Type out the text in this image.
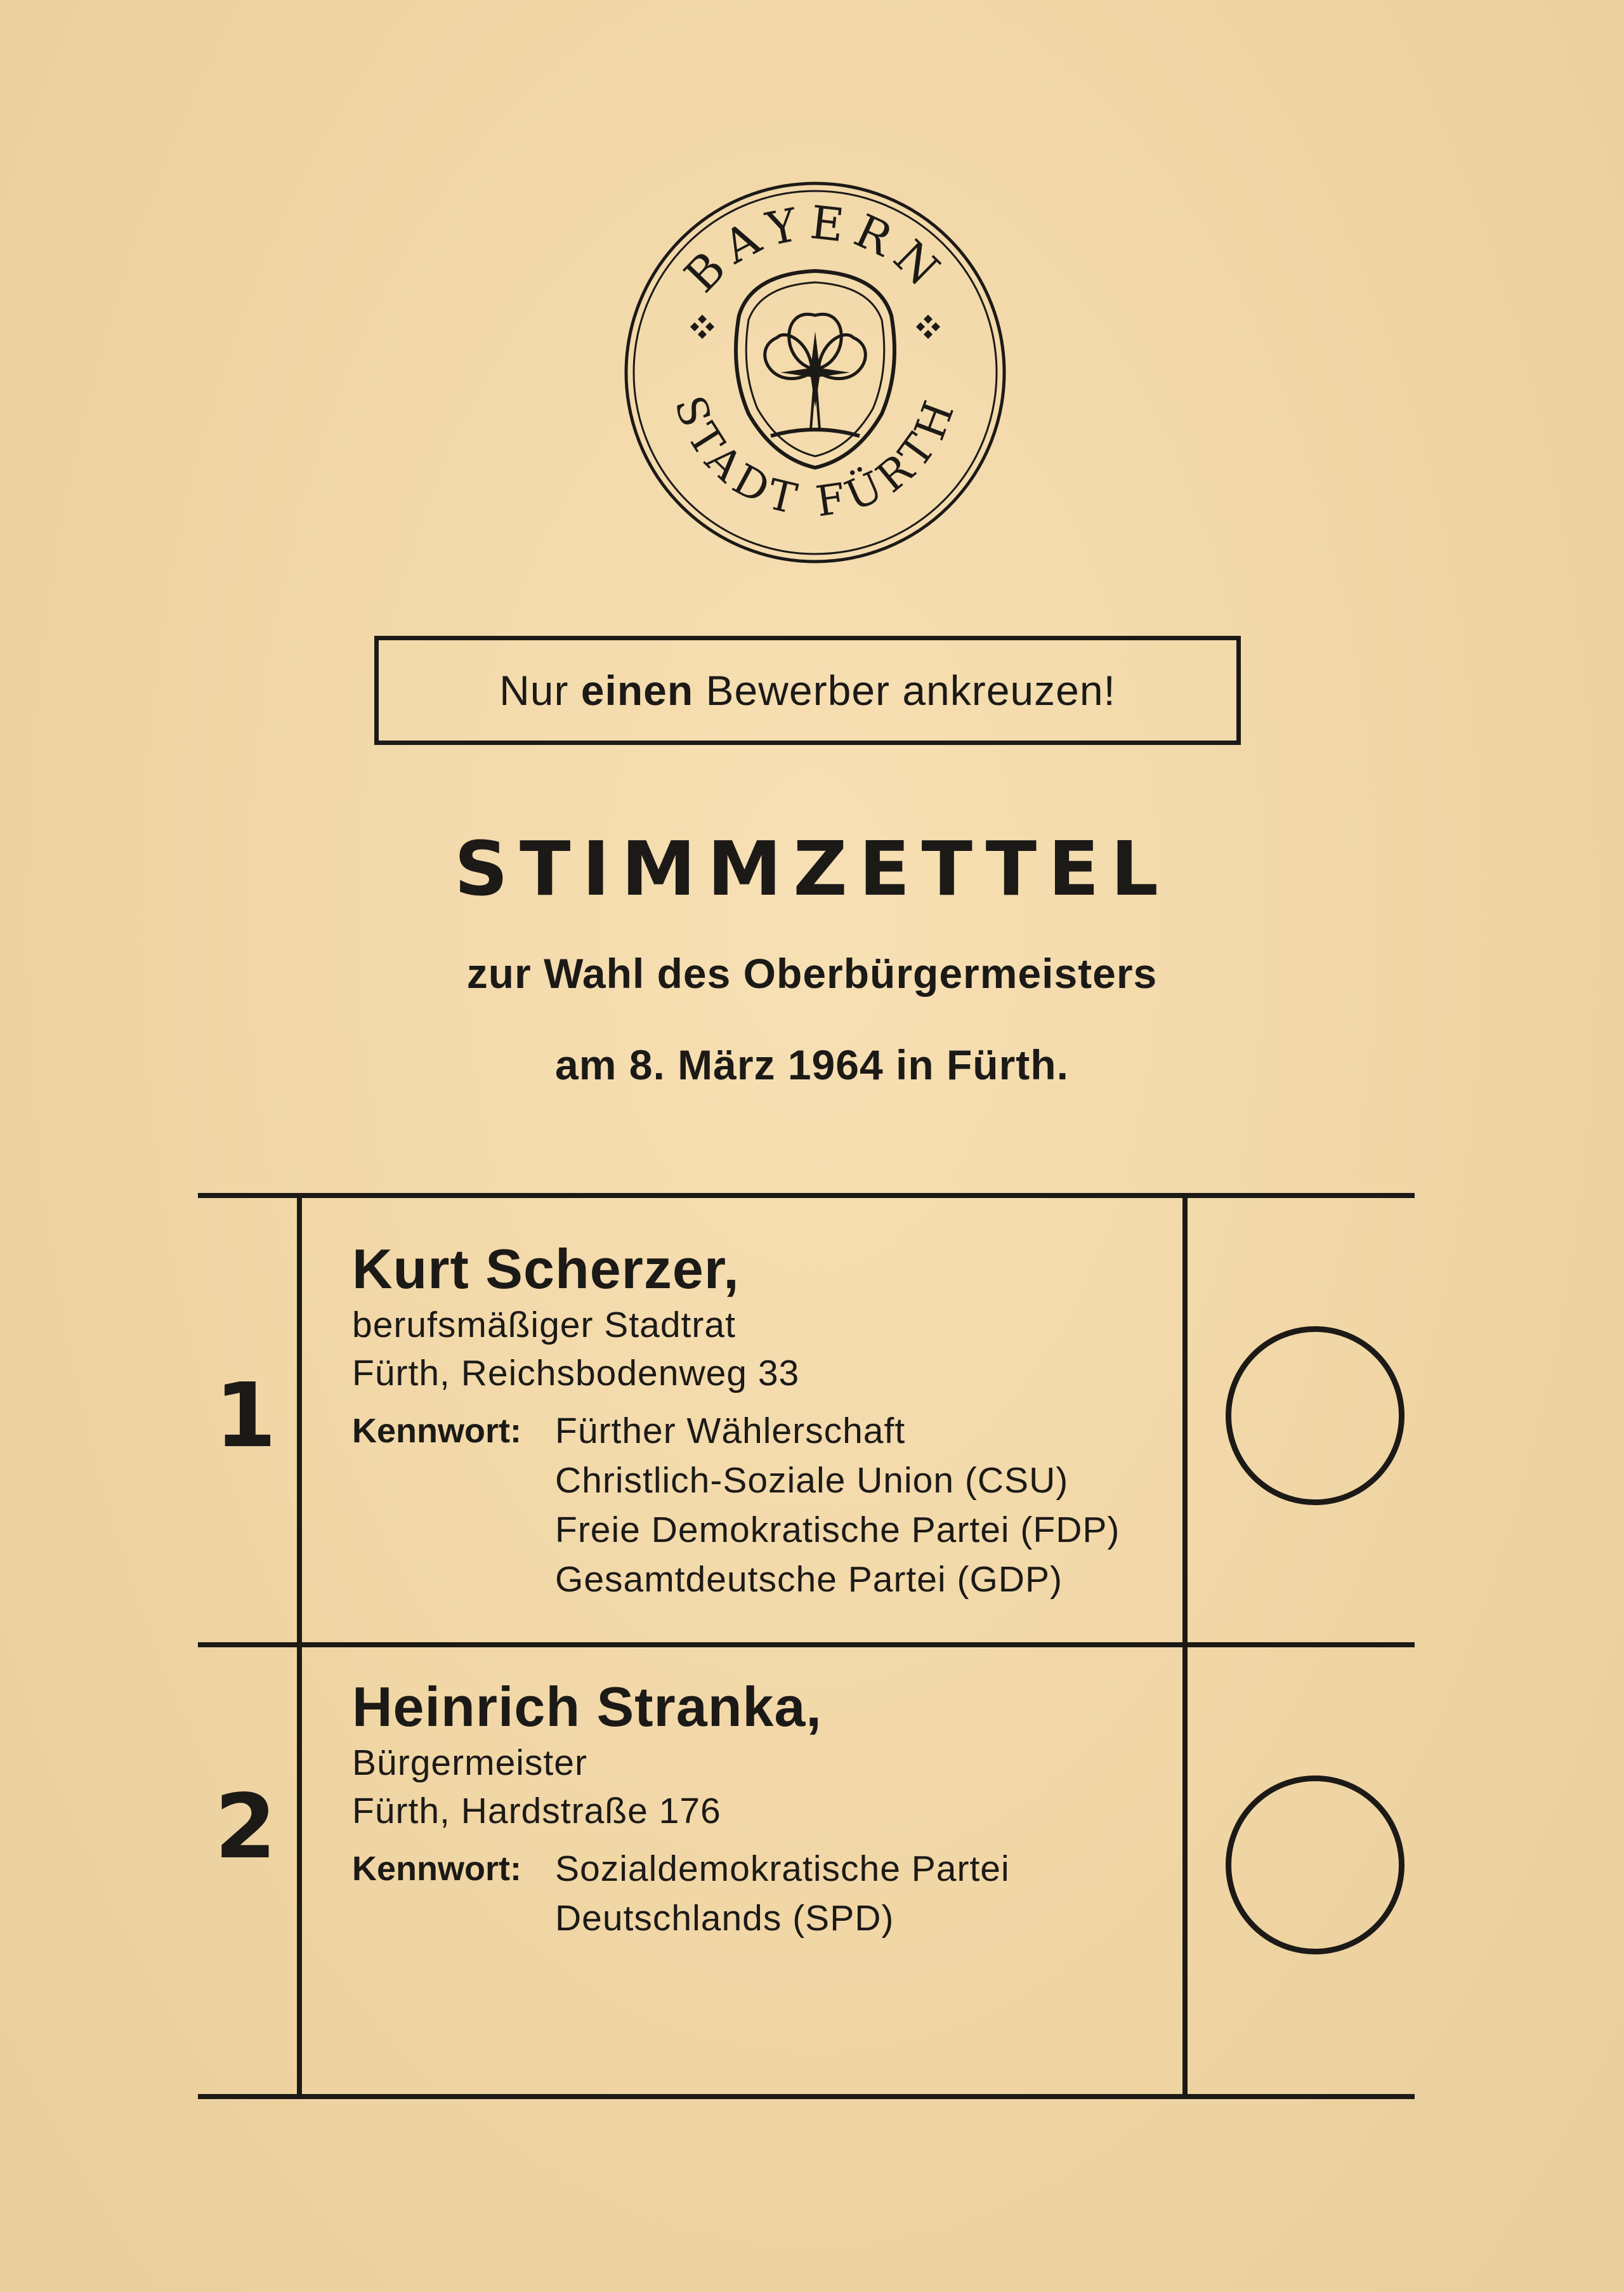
BAYERN
STADT FÜRTH
Nur
einen
Bewerber ankreuzen!
STIMMZETTEL
zur Wahl des Oberbürgermeisters
am 8. März 1964 in Fürth.
1
Kurt Scherzer,
berufsmäßiger Stadtrat
Fürth, Reichsbodenweg 33
Kennwort: Fürther Wählerschaft
Christlich-Soziale Union (CSU)
Freie Demokratische Partei (FDP)
Gesamtdeutsche Partei (GDP)
2
Heinrich Stranka,
Bürgermeister
Fürth, Hardstraße 176
Kennwort: Sozialdemokratische Partei
Deutschlands (SPD)
